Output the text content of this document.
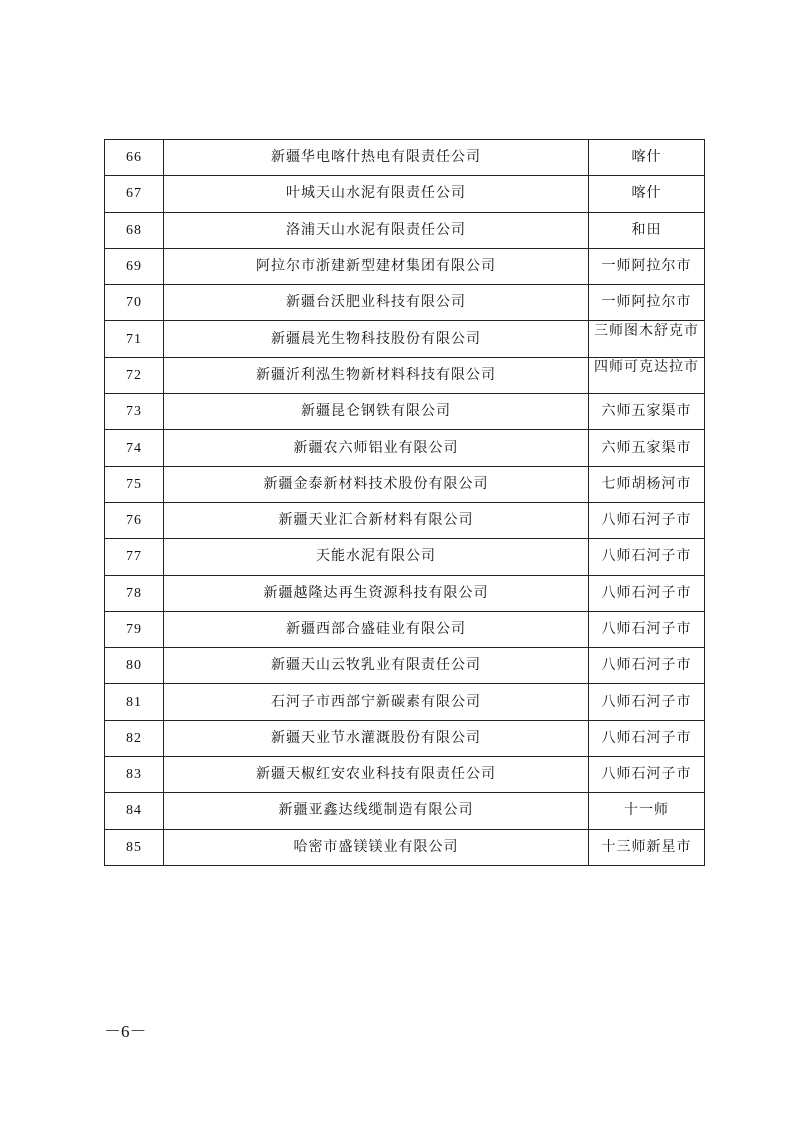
66	新疆华电喀什热电有限责任公司	喀什
67	叶城天山水泥有限责任公司	喀什
68	洛浦天山水泥有限责任公司	和田
69	阿拉尔市浙建新型建材集团有限公司	一师阿拉尔市
70	新疆台沃肥业科技有限公司	一师阿拉尔市
71	新疆晨光生物科技股份有限公司	三师图木舒克市

72	新疆沂利泓生物新材料科技有限公司	四师可克达拉市

73	新疆昆仑钢铁有限公司	六师五家渠市
74	新疆农六师铝业有限公司	六师五家渠市
75	新疆金泰新材料技术股份有限公司	七师胡杨河市
76	新疆天业汇合新材料有限公司	八师石河子市
77	天能水泥有限公司	八师石河子市
78	新疆越隆达再生资源科技有限公司	八师石河子市
79	新疆西部合盛硅业有限公司	八师石河子市
80	新疆天山云牧乳业有限责任公司	八师石河子市
81	石河子市西部宁新碳素有限公司	八师石河子市
82	新疆天业节水灌溉股份有限公司	八师石河子市
83	新疆天椒红安农业科技有限责任公司	八师石河子市
84	新疆亚鑫达线缆制造有限公司	十一师
85	哈密市盛镁镁业有限公司	十三师新星市
－6－
